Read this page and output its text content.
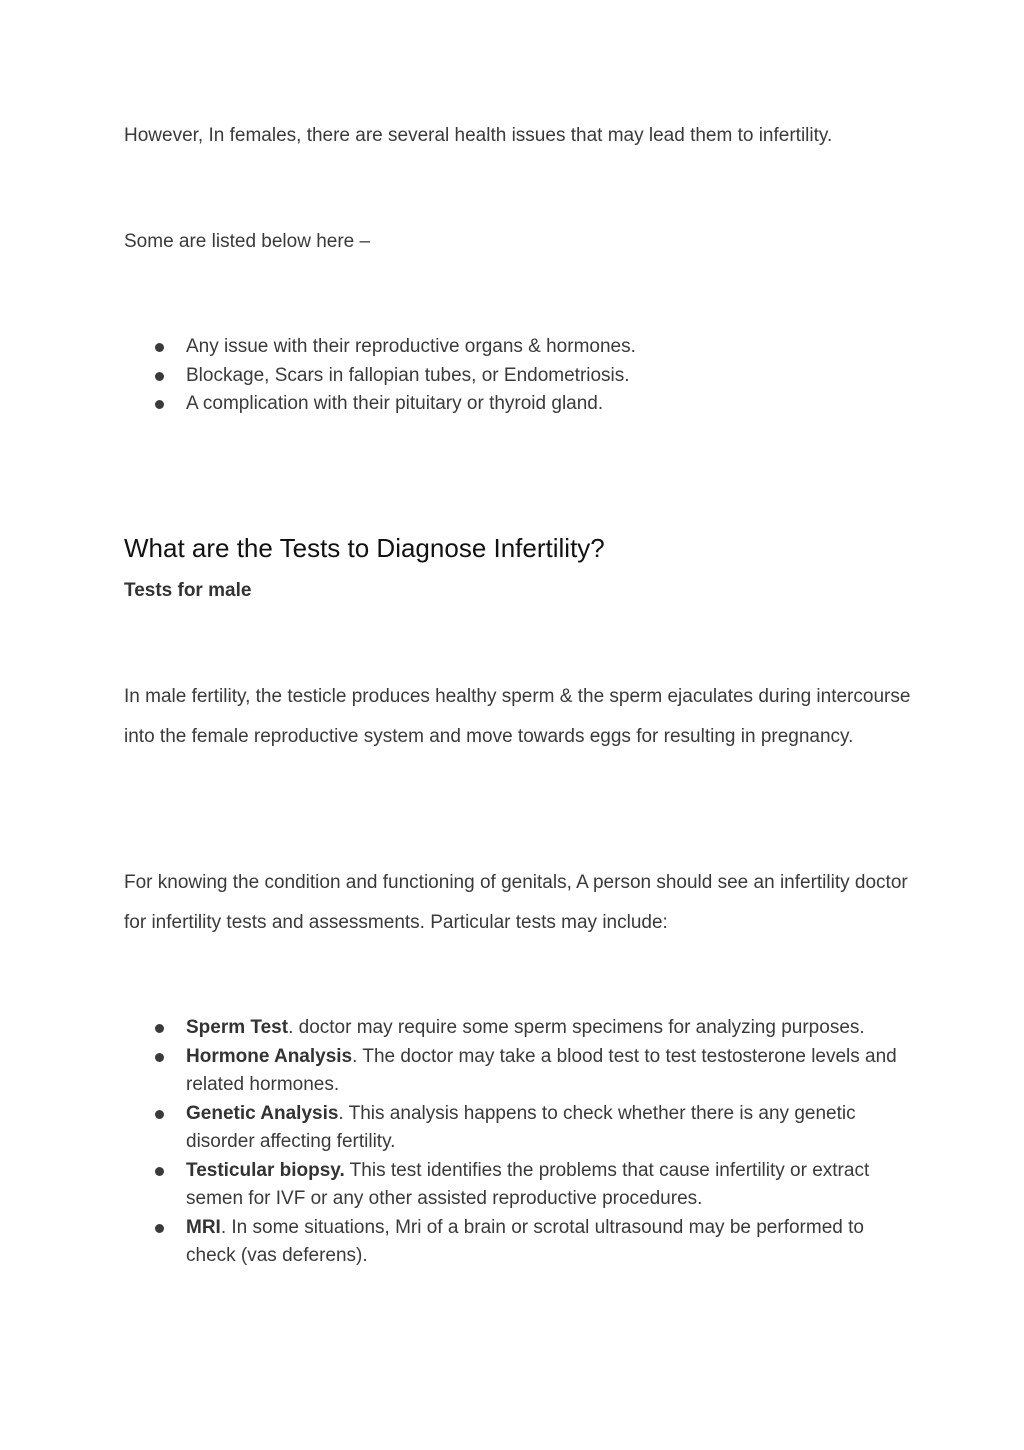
However, In females, there are several health issues that may lead them to infertility.

Some are listed below here –

Any issue with their reproductive organs & hormones.
Blockage, Scars in fallopian tubes, or Endometriosis.
A complication with their pituitary or thyroid gland.
What are the Tests to Diagnose Infertility?
Tests for male

In male fertility, the testicle produces healthy sperm & the sperm ejaculates during intercourse into the female reproductive system and move towards eggs for resulting in pregnancy.

For knowing the condition and functioning of genitals, A person should see an infertility doctor for infertility tests and assessments. Particular tests may include:

Sperm Test. doctor may require some sperm specimens for analyzing purposes.
Hormone Analysis. The doctor may take a blood test to test testosterone levels and related hormones.
Genetic Analysis. This analysis happens to check whether there is any genetic disorder affecting fertility.
Testicular biopsy. This test identifies the problems that cause infertility or extract semen for IVF or any other assisted reproductive procedures.
MRI. In some situations, Mri of a brain or scrotal ultrasound may be performed to check (vas deferens).
